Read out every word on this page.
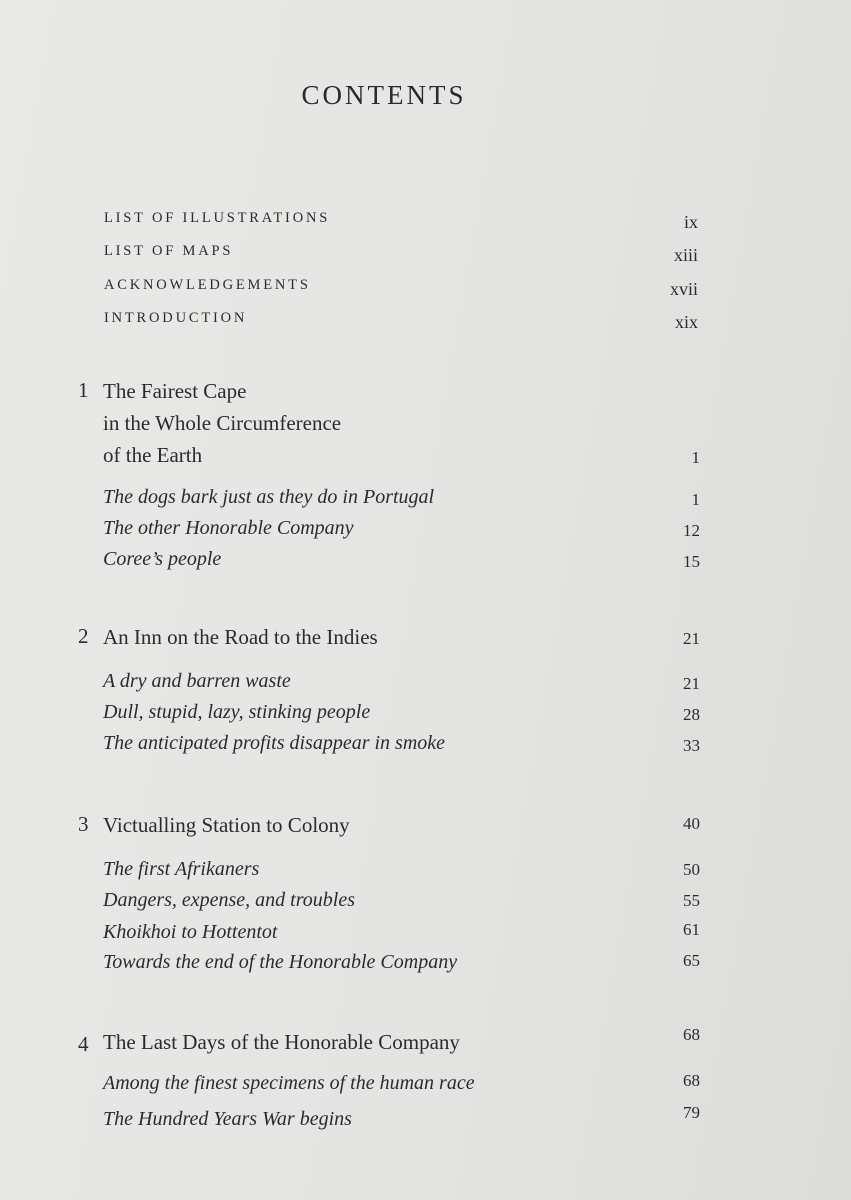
CONTENTS
LIST OF ILLUSTRATIONS	ix
LIST OF MAPS	xiii
ACKNOWLEDGEMENTS	xvii
INTRODUCTION	xix
1 The Fairest Cape
in the Whole Circumference
of the Earth	1
The dogs bark just as they do in Portugal	1
The other Honorable Company	12
Coree’s people	15
2 An Inn on the Road to the Indies	21
A dry and barren waste	21
Dull, stupid, lazy, stinking people	28
The anticipated profits disappear in smoke	33
3 Victualling Station to Colony	40
The first Afrikaners	50
Dangers, expense, and troubles	55
Khoikhoi to Hottentot	61
Towards the end of the Honorable Company	65
4 The Last Days of the Honorable Company	68
Among the finest specimens of the human race	68
The Hundred Years War begins	79
